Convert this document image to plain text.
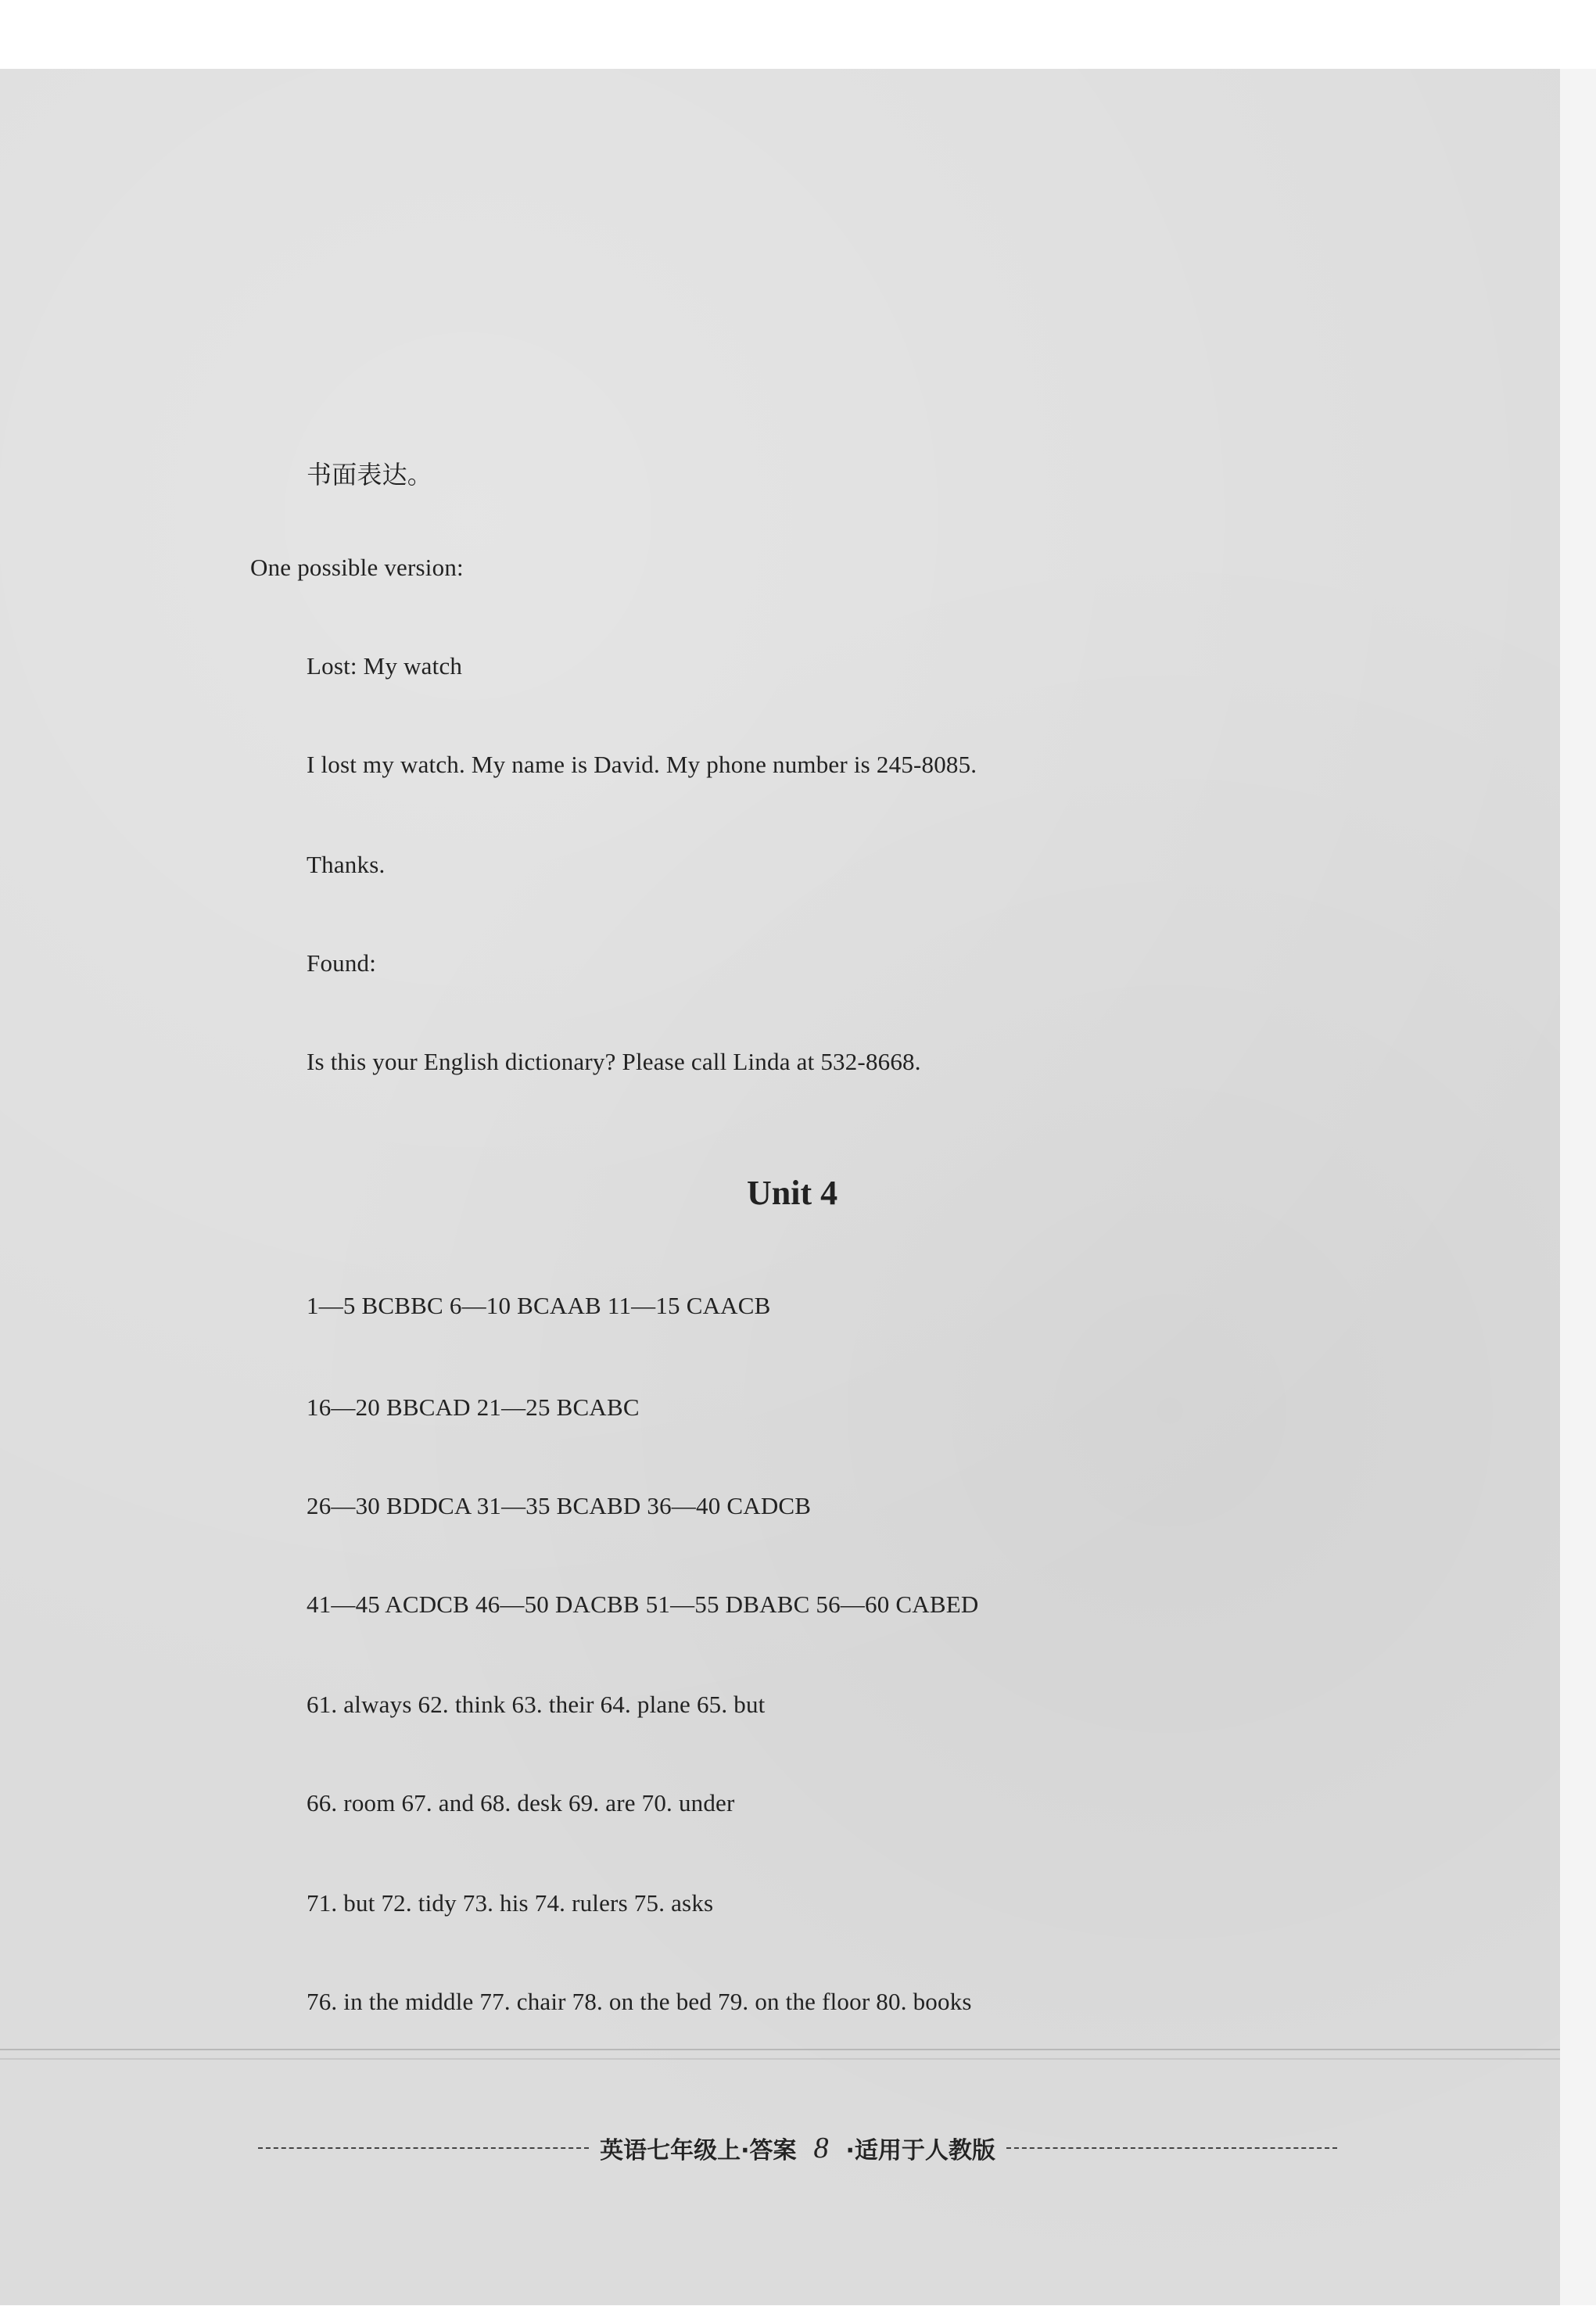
书面表达。
One possible version:
Lost: My watch
I lost my watch. My name is David. My phone number is 245-8085.
Thanks.
Found:
Is this your English dictionary? Please call Linda at 532-8668.
Unit 4
1—5 BCBBC 6—10 BCAAB 11—15 CAACB
16—20 BBCAD 21—25 BCABC
26—30 BDDCA 31—35 BCABD 36—40 CADCB
41—45 ACDCB 46—50 DACBB 51—55 DBABC 56—60 CABED
61. always 62. think 63. their 64. plane 65. but
66. room 67. and 68. desk 69. are 70. under
71. but 72. tidy 73. his 74. rulers 75. asks
76. in the middle 77. chair 78. on the bed 79. on the floor 80. books
英语七年级上·答案 8 ·适用于人教版
